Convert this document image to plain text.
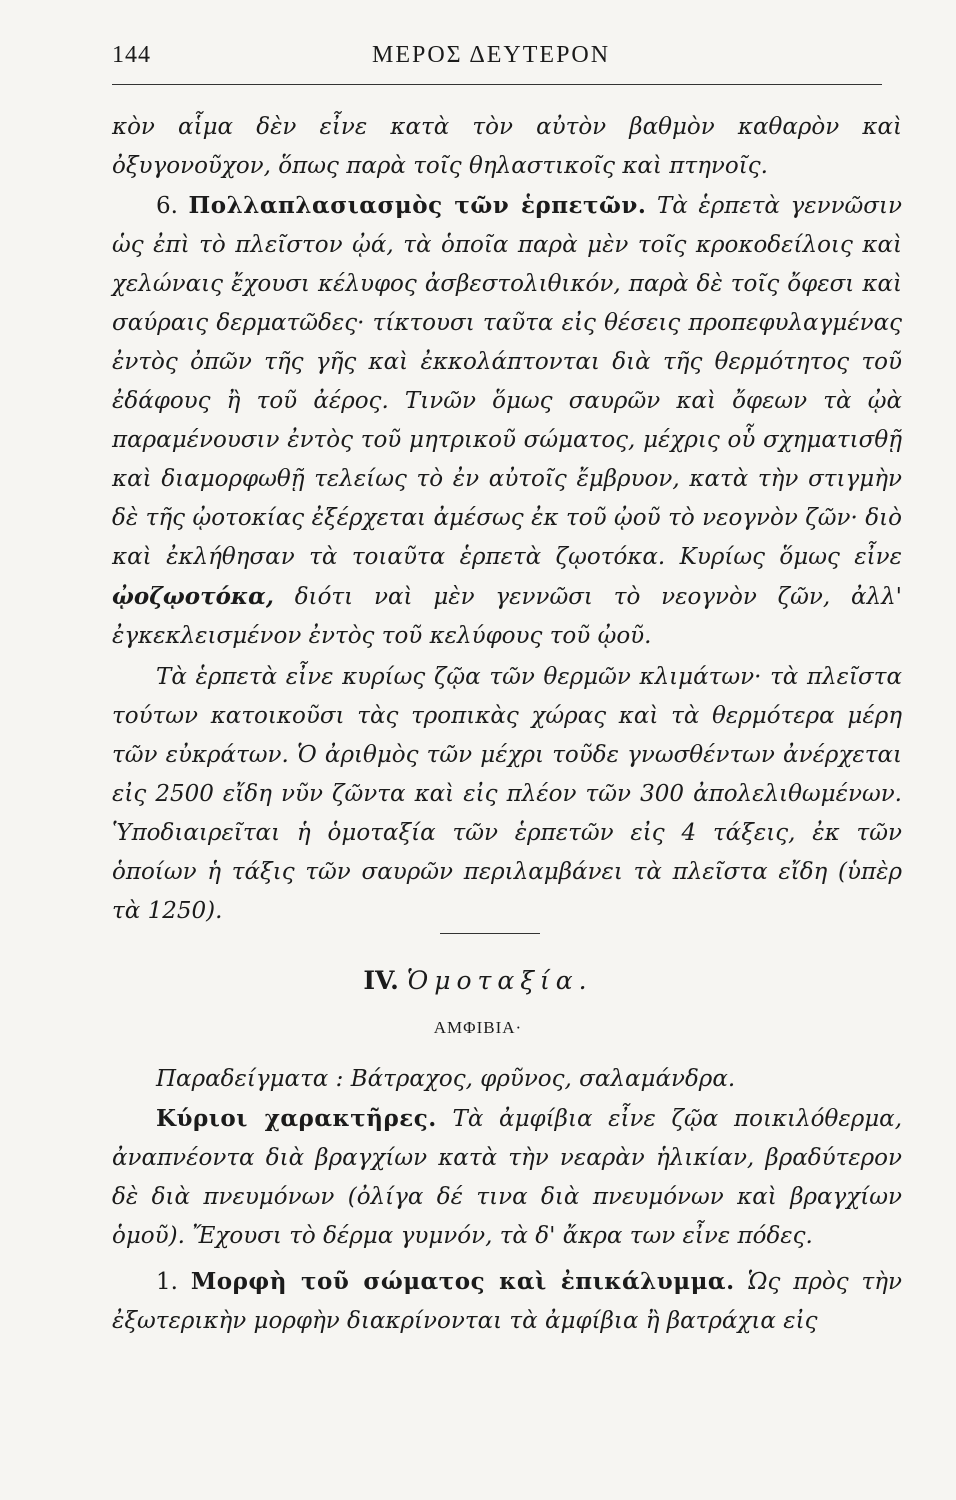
144	ΜΕΡΟΣ ΔΕΥΤΕΡΟΝ

κὸν αἷμα δὲν εἶνε κατὰ τὸν αὐτὸν βαθμὸν καθαρὸν καὶ ὀξυγονοῦχον, ὅπως παρὰ τοῖς θηλαστικοῖς καὶ πτηνοῖς.

6. Πολλαπλασιασμὸς τῶν ἑρπετῶν. Τὰ ἑρπετὰ γεννῶσιν ὡς ἐπὶ τὸ πλεῖστον ᾠά, τὰ ὁποῖα παρὰ μὲν τοῖς κροκοδείλοις καὶ χελώναις ἔχουσι κέλυφος ἀσβεστολιθικόν, παρὰ δὲ τοῖς ὄφεσι καὶ σαύραις δερματῶδες· τίκτουσι ταῦτα εἰς θέσεις προπεφυλαγμένας ἐντὸς ὀπῶν τῆς γῆς καὶ ἐκκολάπτονται διὰ τῆς θερμότητος τοῦ ἐδάφους ἢ τοῦ ἀέρος. Τινῶν ὅμως σαυρῶν καὶ ὄφεων τὰ ᾠὰ παραμένουσιν ἐντὸς τοῦ μητρικοῦ σώματος, μέχρις οὗ σχηματισθῇ καὶ διαμορφωθῇ τελείως τὸ ἐν αὐτοῖς ἔμβρυον, κατὰ τὴν στιγμὴν δὲ τῆς ᾠοτοκίας ἐξέρχεται ἀμέσως ἐκ τοῦ ᾠοῦ τὸ νεογνὸν ζῶν· διὸ καὶ ἐκλήθησαν τὰ τοιαῦτα ἑρπετὰ ζῳοτόκα. Κυρίως ὅμως εἶνε ᾠοζῳοτόκα, διότι ναὶ μὲν γεννῶσι τὸ νεογνὸν ζῶν, ἀλλ' ἐγκεκλεισμένον ἐντὸς τοῦ κελύφους τοῦ ᾠοῦ.

Τὰ ἑρπετὰ εἶνε κυρίως ζῷα τῶν θερμῶν κλιμάτων· τὰ πλεῖστα τούτων κατοικοῦσι τὰς τροπικὰς χώρας καὶ τὰ θερμότερα μέρη τῶν εὐκράτων. Ὁ ἀριθμὸς τῶν μέχρι τοῦδε γνωσθέντων ἀνέρχεται εἰς 2500 εἴδη νῦν ζῶντα καὶ εἰς πλέον τῶν 300 ἀπολελιθωμένων. Ὑποδιαιρεῖται ἡ ὁμοταξία τῶν ἑρπετῶν εἰς 4 τάξεις, ἐκ τῶν ὁποίων ἡ τάξις τῶν σαυρῶν περιλαμβάνει τὰ πλεῖστα εἴδη (ὑπὲρ τὰ 1250).

IV. Ὁμοταξία.
ΑΜΦΙΒΙΑ·

Παραδείγματα : Βάτραχος, φρῦνος, σαλαμάνδρα.

Κύριοι χαρακτῆρες. Τὰ ἀμφίβια εἶνε ζῷα ποικιλόθερμα, ἀναπνέοντα διὰ βραγχίων κατὰ τὴν νεαρὰν ἡλικίαν, βραδύτερον δὲ διὰ πνευμόνων (ὀλίγα δέ τινα διὰ πνευμόνων καὶ βραγχίων ὁμοῦ). Ἔχουσι τὸ δέρμα γυμνόν, τὰ δ' ἄκρα των εἶνε πόδες.

1. Μορφὴ τοῦ σώματος καὶ ἐπικάλυμμα. Ὡς πρὸς τὴν ἐξωτερικὴν μορφὴν διακρίνονται τὰ ἀμφίβια ἢ βατράχια εἰς
